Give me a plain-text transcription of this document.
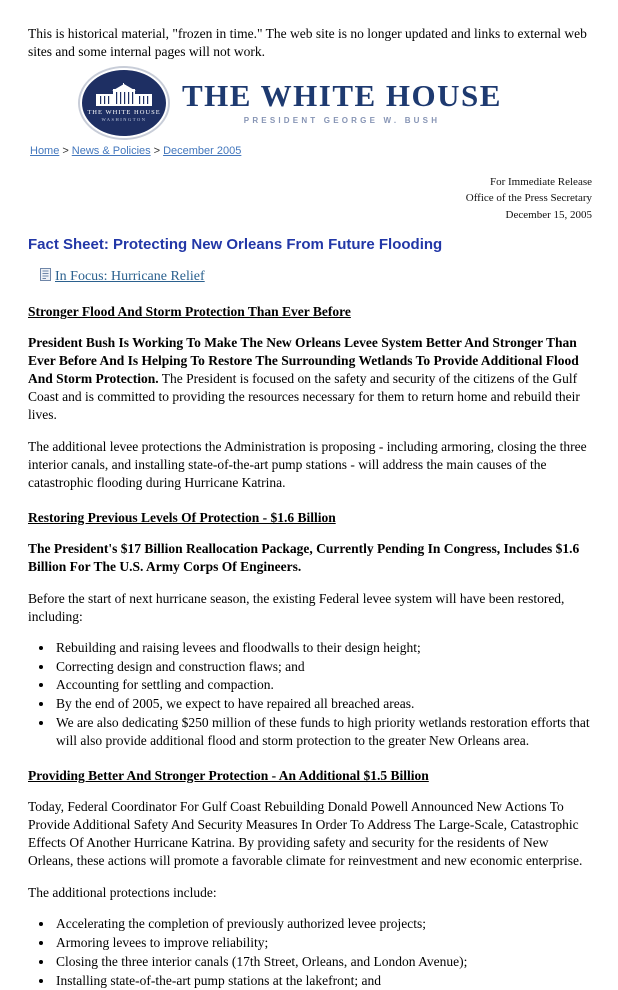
This is historical material, "frozen in time." The web site is no longer updated and links to external web sites and some internal pages will not work.
THE WHITE HOUSE
WASHINGTON
THE WHITE HOUSE
PRESIDENT GEORGE W. BUSH
Home > News & Policies > December 2005
For Immediate Release
Office of the Press Secretary
December 15, 2005
Fact Sheet: Protecting New Orleans From Future Flooding
In Focus: Hurricane Relief
Stronger Flood And Storm Protection Than Ever Before
President Bush Is Working To Make The New Orleans Levee System Better And Stronger Than Ever Before And Is Helping To Restore The Surrounding Wetlands To Provide Additional Flood And Storm Protection. The President is focused on the safety and security of the citizens of the Gulf Coast and is committed to providing the resources necessary for them to return home and rebuild their lives.
The additional levee protections the Administration is proposing - including armoring, closing the three interior canals, and installing state-of-the-art pump stations - will address the main causes of the catastrophic flooding during Hurricane Katrina.
Restoring Previous Levels Of Protection - $1.6 Billion
The President's $17 Billion Reallocation Package, Currently Pending In Congress, Includes $1.6 Billion For The U.S. Army Corps Of Engineers.
Before the start of next hurricane season, the existing Federal levee system will have been restored, including:
• Rebuilding and raising levees and floodwalls to their design height;
• Correcting design and construction flaws; and
• Accounting for settling and compaction.
• By the end of 2005, we expect to have repaired all breached areas.
• We are also dedicating $250 million of these funds to high priority wetlands restoration efforts that will also provide additional flood and storm protection to the greater New Orleans area.
Providing Better And Stronger Protection - An Additional $1.5 Billion
Today, Federal Coordinator For Gulf Coast Rebuilding Donald Powell Announced New Actions To Provide Additional Safety And Security Measures In Order To Address The Large-Scale, Catastrophic Effects Of Another Hurricane Katrina. By providing safety and security for the residents of New Orleans, these actions will promote a favorable climate for reinvestment and new economic enterprise.
The additional protections include:
• Accelerating the completion of previously authorized levee projects;
• Armoring levees to improve reliability;
• Closing the three interior canals (17th Street, Orleans, and London Avenue);
• Installing state-of-the-art pump stations at the lakefront; and
